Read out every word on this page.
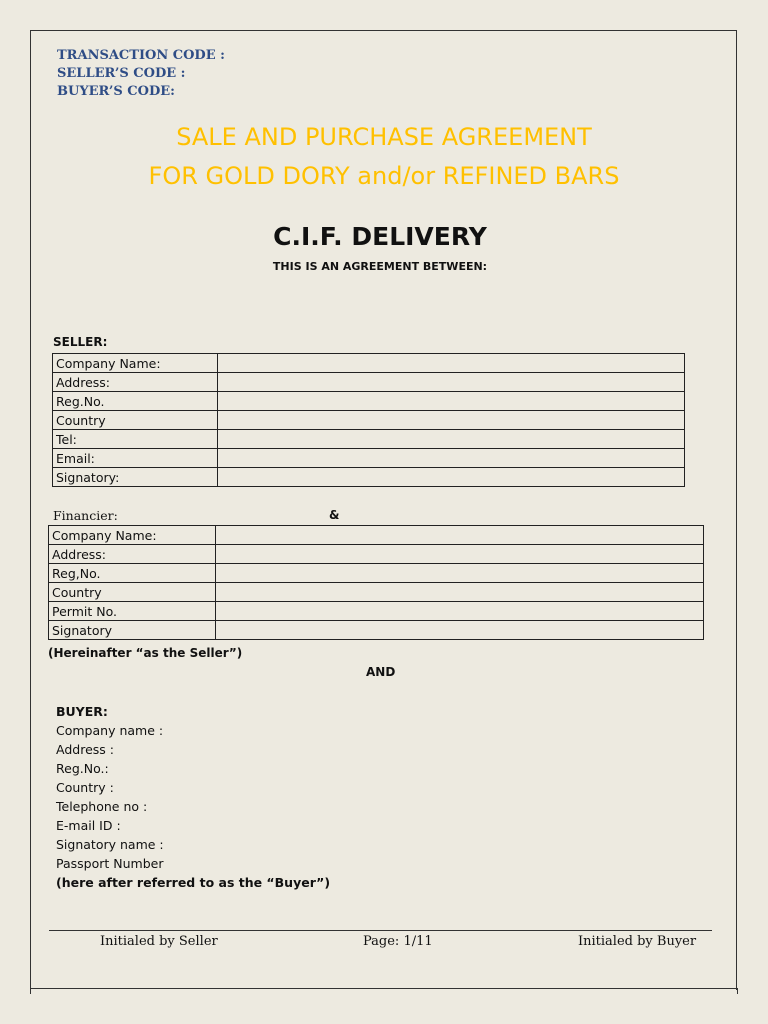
TRANSACTION CODE :
SELLER’S CODE :
BUYER’S CODE:
SALE AND PURCHASE AGREEMENT
FOR GOLD DORY and/or REFINED BARS
C.I.F. DELIVERY
THIS IS AN AGREEMENT BETWEEN:
SELLER:
Company Name:	
Address:	
Reg.No.	
Country	
Tel:	
Email:	
Signatory:	
Financier:	&
Company Name:	
Address:	
Reg,No.	
Country	
Permit No.	
Signatory	
(Hereinafter “as the Seller”)
AND
BUYER:
Company name :
Address :
Reg.No.:
Country :
Telephone no :
E-mail ID :
Signatory name :
Passport Number
(here after referred to as the “Buyer”)
Initialed by Seller	Page: 1/11	Initialed by Buyer
